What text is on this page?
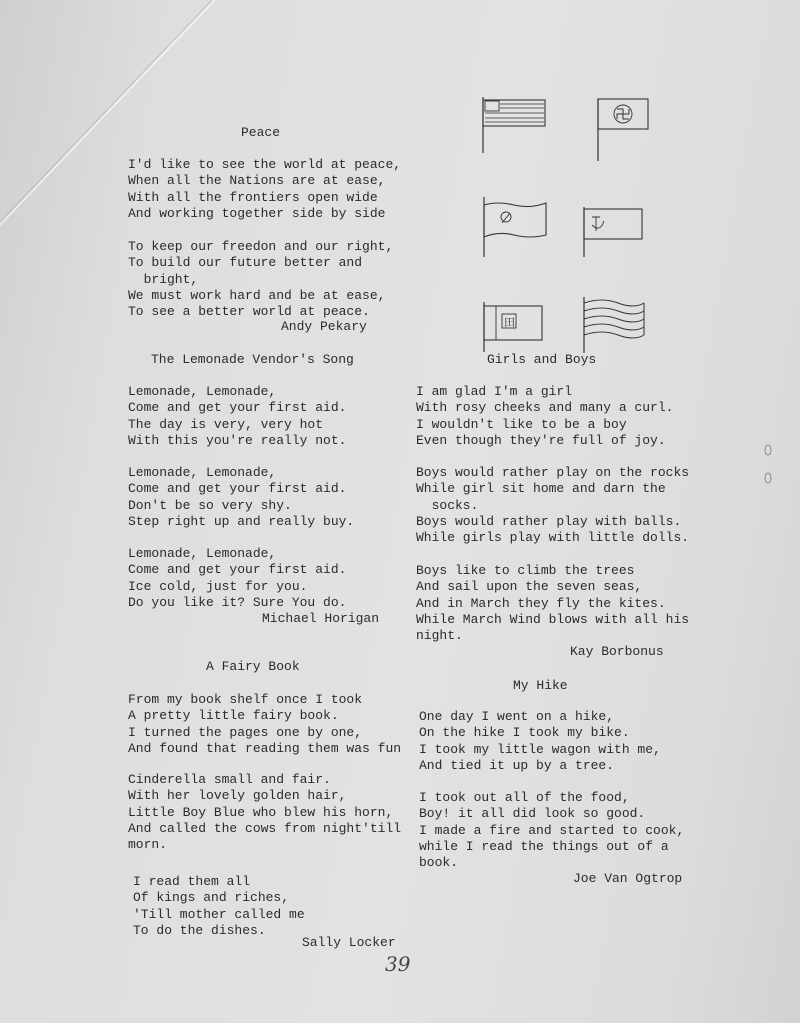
Peace
I'd like to see the world at peace,
When all the Nations are at ease,
With all the frontiers open wide
And working together side by side
To keep our freedon and our right,
To build our future better and
bright,
We must work hard and be at ease,
To see a better world at peace.
Andy Pekary
The Lemonade Vendor's Song
Lemonade, Lemonade,
Come and get your first aid.
The day is very, very hot
With this you're really not.
Lemonade, Lemonade,
Come and get your first aid.
Don't be so very shy.
Step right up and really buy.
Lemonade, Lemonade,
Come and get your first aid.
Ice cold, just for you.
Do you like it? Sure You do.
Michael Horigan
A Fairy Book
From my book shelf once I took
A pretty little fairy book.
I turned the pages one by one,
And found that reading them was fun
Cinderella small and fair.
With her lovely golden hair,
Little Boy Blue who blew his horn,
And called the cows from night'till
morn.
I read them all
Of kings and riches,
'Till mother called me
To do the dishes.
Sally Locker
田
Girls and Boys
I am glad I'm a girl
With rosy cheeks and many a curl.
I wouldn't like to be a boy
Even though they're full of joy.
Boys would rather play on the rocks
While girl sit home and darn the
socks.
Boys would rather play with balls.
While girls play with little dolls.
Boys like to climb the trees
And sail upon the seven seas,
And in March they fly the kites.
While March Wind blows with all his
night.
Kay Borbonus
My Hike
One day I went on a hike,
On the hike I took my bike.
I took my little wagon with me,
And tied it up by a tree.
I took out all of the food,
Boy! it all did look so good.
I made a fire and started to cook,
while I read the things out of a
book.
Joe Van Ogtrop
39
